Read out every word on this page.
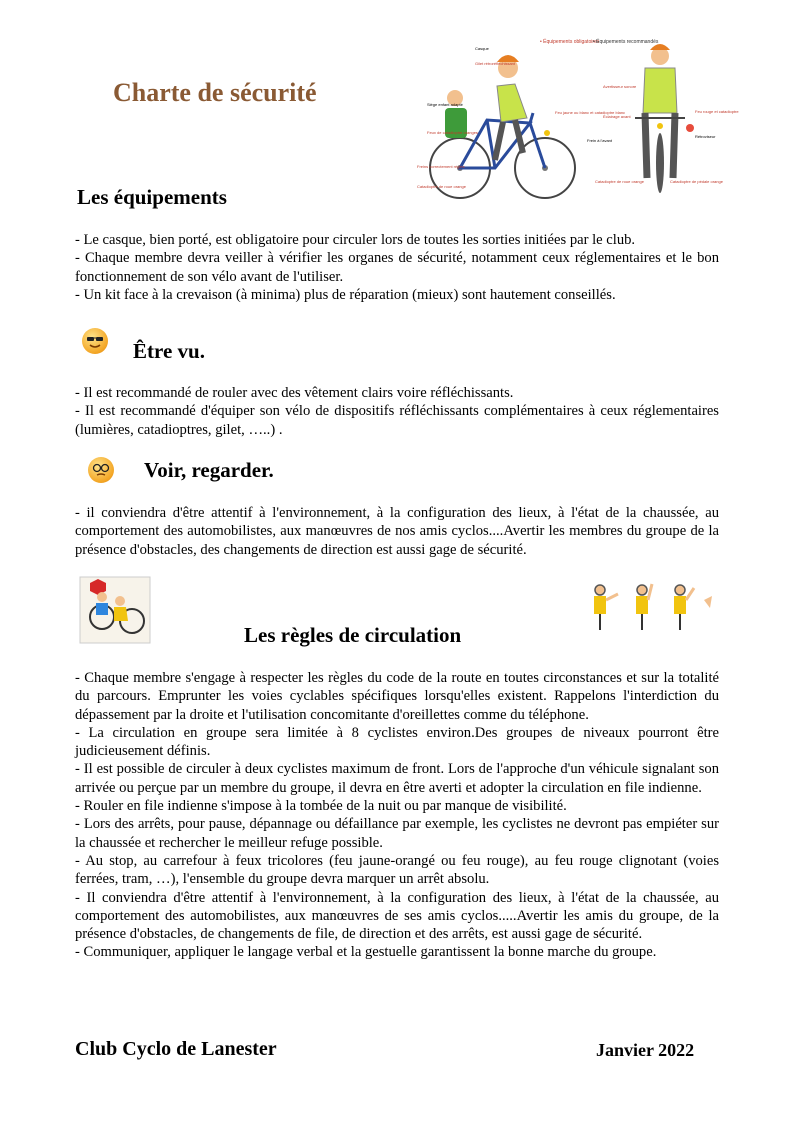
Charte de sécurité
• Équipements obligatoires
• Équipements recommandés
Casque
Gilet rétroréfléchissant
Siège enfant adapté
Feux de catadioptre oranges
Freins correctement réglés
Catadioptre de roue orange
Feu jaune ou blanc et catadioptre blanc
Frein à l'avant
Catadioptre de roue orange
Avertisseur sonore
Feu rouge et catadioptre
Éclairage avant
Rétroviseur
Catadioptre de pédale orange
Les équipements

- Le casque, bien porté, est obligatoire pour circuler lors de toutes les sorties initiées par le club.

- Chaque membre devra veiller à vérifier les organes de sécurité, notamment ceux réglementaires et le bon fonctionnement de son vélo avant de l'utiliser.

- Un kit face à la crevaison (à minima) plus de réparation (mieux) sont hautement conseillés.

Être vu.

- Il est recommandé de rouler avec des vêtement clairs voire réfléchissants.

- Il est recommandé d'équiper son vélo de dispositifs réfléchissants complémentaires à ceux réglementaires (lumières, catadioptres, gilet, …..) .

Voir, regarder.

- il conviendra d'être attentif à l'environnement, à la configuration des lieux, à l'état de la chaussée, au comportement des automobilistes, aux manœuvres de nos amis cyclos....Avertir les membres du groupe de la présence d'obstacles, des changements de direction est aussi gage de sécurité.

Les règles de circulation

- Chaque membre s'engage à respecter les règles du code de la route en toutes circonstances et sur la totalité du parcours. Emprunter les voies cyclables spécifiques lorsqu'elles existent. Rappelons l'interdiction du dépassement par la droite et l'utilisation concomitante d'oreillettes comme du téléphone.

- La circulation en groupe sera limitée à 8 cyclistes environ.Des groupes de niveaux pourront être judicieusement définis.

- Il est possible de circuler à deux cyclistes maximum de front. Lors de l'approche d'un véhicule signalant son arrivée ou perçue par un membre du groupe, il devra en être averti et adopter la circulation en file indienne.

- Rouler en file indienne s'impose à la tombée de la nuit ou par manque de visibilité.

- Lors des arrêts, pour pause, dépannage ou défaillance par exemple, les cyclistes ne devront pas empiéter sur la chaussée et rechercher le meilleur refuge possible.

- Au stop, au carrefour à feux tricolores (feu jaune-orangé ou feu rouge), au feu rouge clignotant (voies ferrées, tram, …), l'ensemble du groupe devra marquer un arrêt absolu.

- Il conviendra d'être attentif à l'environnement, à la configuration des lieux, à l'état de la chaussée, au comportement des automobilistes, aux manœuvres de ses amis cyclos.....Avertir les amis du groupe, de la présence d'obstacles, de changements de file, de direction et des arrêts, est aussi gage de sécurité.

- Communiquer, appliquer le langage verbal et la gestuelle garantissent la bonne marche du groupe.

Club Cyclo de Lanester	Janvier 2022
